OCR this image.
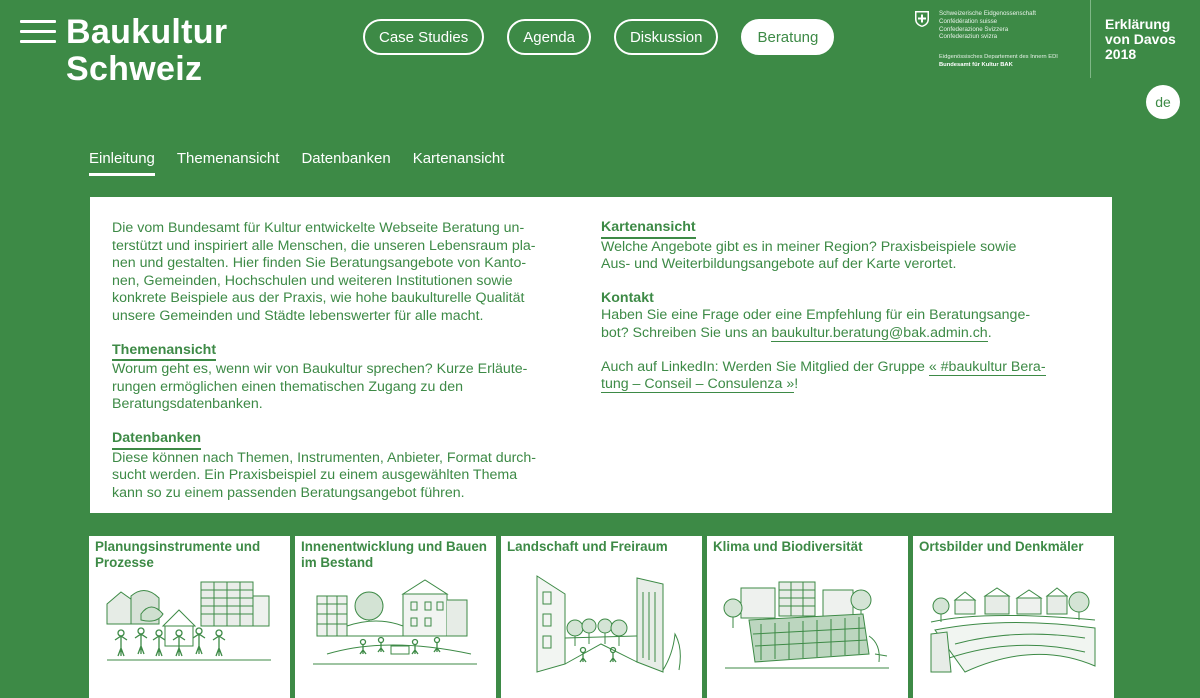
Baukultur
Schweiz
Case Studies	Agenda	Diskussion	Beratung
Schweizerische Eidgenossenschaft
Confédération suisse
Confederazione Svizzera
Confederaziun svizra
Eidgenössisches Departement des Innern EDI
Bundesamt für Kultur BAK
Erklärung
von Davos
2018
de
Einleitung Themenansicht Datenbanken Kartenansicht

Die vom Bundesamt für Kultur entwickelte Webseite Beratung un-
terstützt und inspiriert alle Menschen, die unseren Lebensraum pla-
nen und gestalten. Hier finden Sie Beratungsangebote von Kanto-
nen, Gemeinden, Hochschulen und weiteren Institutionen sowie
konkrete Beispiele aus der Praxis, wie hohe baukulturelle Qualität
unsere Gemeinden und Städte lebenswerter für alle macht.

Themenansicht

Worum geht es, wenn wir von Baukultur sprechen? Kurze Erläute-
rungen ermöglichen einen thematischen Zugang zu den
Beratungsdatenbanken.

Datenbanken

Diese können nach Themen, Instrumenten, Anbieter, Format durch-
sucht werden. Ein Praxisbeispiel zu einem ausgewählten Thema
kann so zu einem passenden Beratungsangebot führen.

Kartenansicht

Welche Angebote gibt es in meiner Region? Praxisbeispiele sowie
Aus- und Weiterbildungsangebote auf der Karte verortet.

Kontakt

Haben Sie eine Frage oder eine Empfehlung für ein Beratungsange-
bot? Schreiben Sie uns an baukultur.beratung@bak.admin.ch.

Auch auf LinkedIn: Werden Sie Mitglied der Gruppe « #baukultur Bera-
tung – Conseil – Consulenza »!

Planungsinstrumente und Prozesse
Innenentwicklung und Bauen im Bestand
Landschaft und Freiraum	Klima und Biodiversität	Ortsbilder und Denkmäler
